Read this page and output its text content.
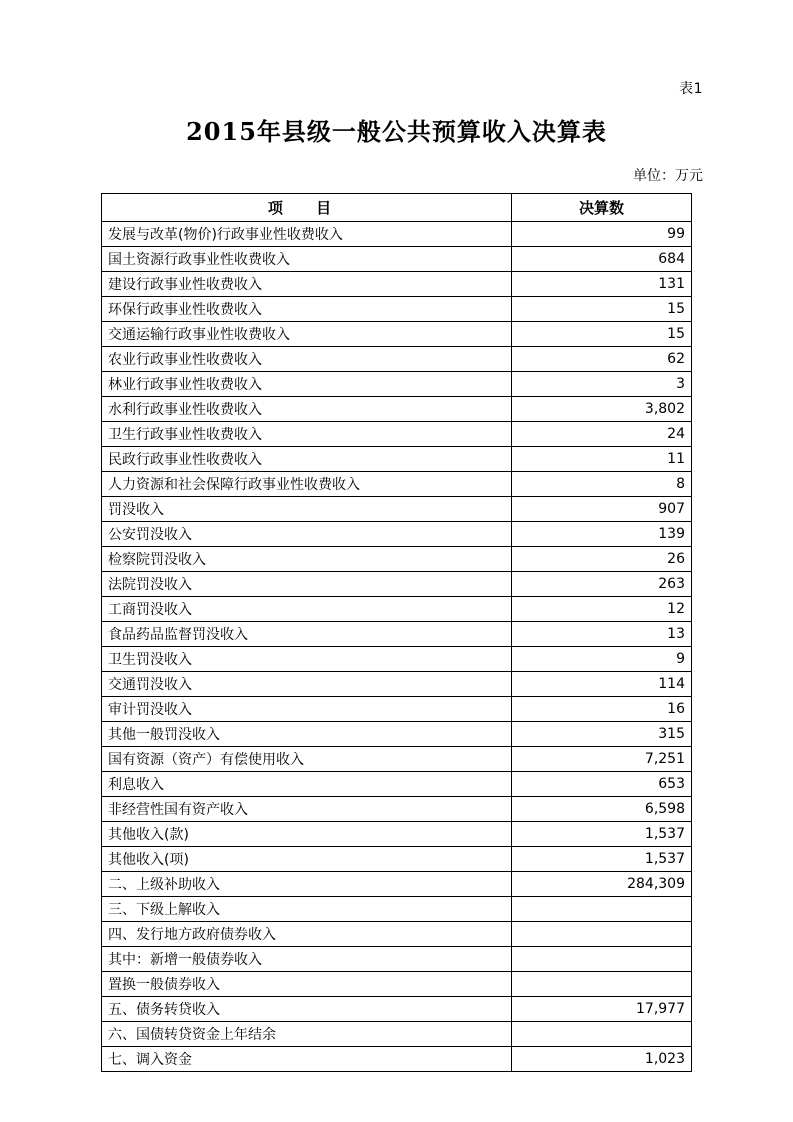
表1
2015年县级一般公共预算收入决算表
单位：万元
项 目	决算数
发展与改革(物价)行政事业性收费收入	99
国土资源行政事业性收费收入	684
建设行政事业性收费收入	131
环保行政事业性收费收入	15
交通运输行政事业性收费收入	15
农业行政事业性收费收入	62
林业行政事业性收费收入	3
水利行政事业性收费收入	3,802
卫生行政事业性收费收入	24
民政行政事业性收费收入	11
人力资源和社会保障行政事业性收费收入	8
罚没收入	907
公安罚没收入	139
检察院罚没收入	26
法院罚没收入	263
工商罚没收入	12
食品药品监督罚没收入	13
卫生罚没收入	9
交通罚没收入	114
审计罚没收入	16
其他一般罚没收入	315
国有资源（资产）有偿使用收入	7,251
利息收入	653
非经营性国有资产收入	6,598
其他收入(款)	1,537
其他收入(项)	1,537
二、上级补助收入	284,309
三、下级上解收入	
四、发行地方政府债券收入	
其中：新增一般债券收入	
置换一般债券收入	
五、债务转贷收入	17,977
六、国债转贷资金上年结余	
七、调入资金	1,023
